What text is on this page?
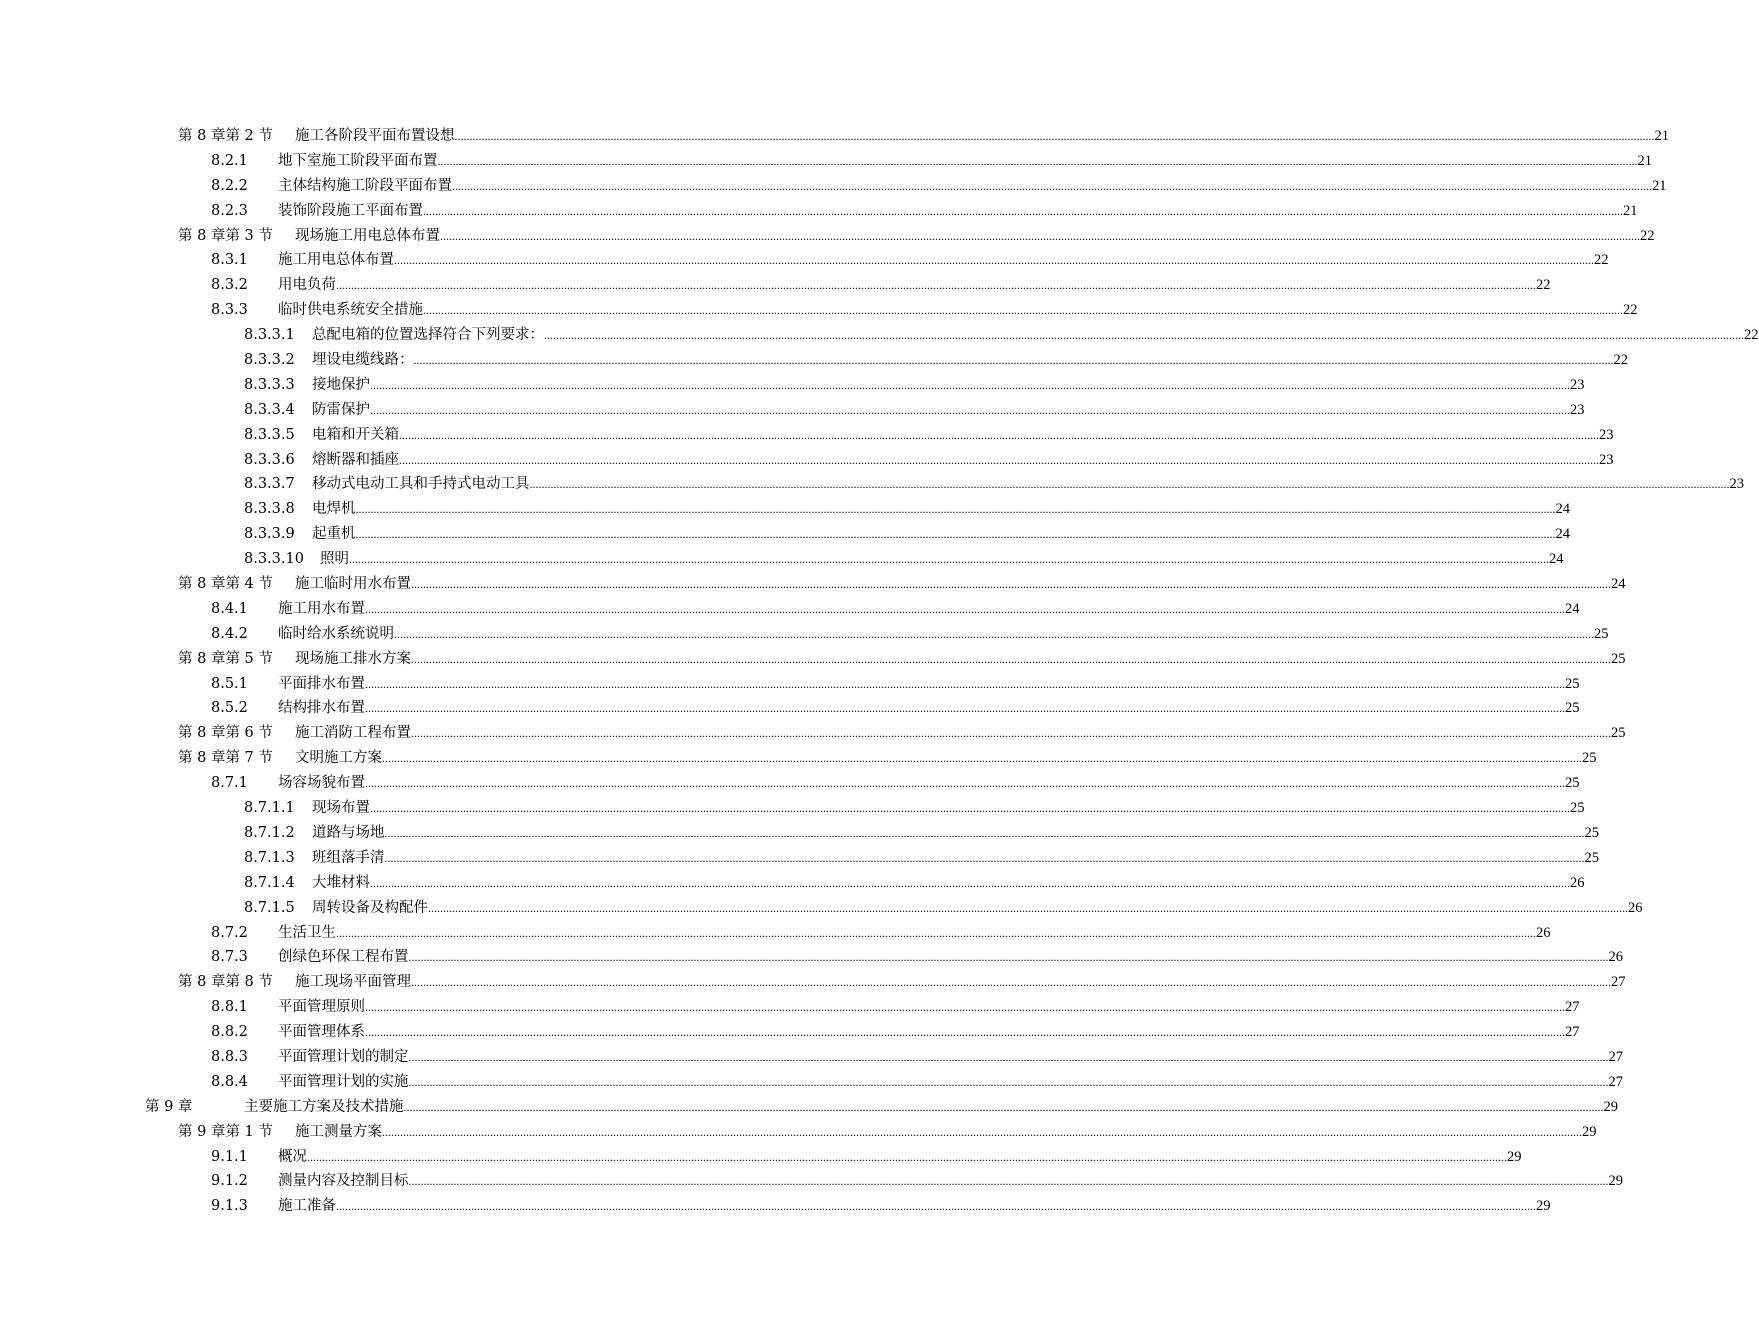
第 8 章第 2 节 施工各阶段平面布置设想 ................................................................................................................................................................................................................................................................................................................................................................................................................ 21
8.2.1 地下室施工阶段平面布置 ................................................................................................................................................................................................................................................................................................................................................................................................................ 21
8.2.2 主体结构施工阶段平面布置 ................................................................................................................................................................................................................................................................................................................................................................................................................ 21
8.2.3 装饰阶段施工平面布置 ................................................................................................................................................................................................................................................................................................................................................................................................................ 21
第 8 章第 3 节 现场施工用电总体布置 ................................................................................................................................................................................................................................................................................................................................................................................................................ 22
8.3.1 施工用电总体布置 ................................................................................................................................................................................................................................................................................................................................................................................................................ 22
8.3.2 用电负荷 ................................................................................................................................................................................................................................................................................................................................................................................................................ 22
8.3.3 临时供电系统安全措施 ................................................................................................................................................................................................................................................................................................................................................................................................................ 22
8.3.3.1 总配电箱的位置选择符合下列要求： ................................................................................................................................................................................................................................................................................................................................................................................................................ 22
8.3.3.2 埋设电缆线路： ................................................................................................................................................................................................................................................................................................................................................................................................................ 22
8.3.3.3 接地保护 ................................................................................................................................................................................................................................................................................................................................................................................................................ 23
8.3.3.4 防雷保护 ................................................................................................................................................................................................................................................................................................................................................................................................................ 23
8.3.3.5 电箱和开关箱 ................................................................................................................................................................................................................................................................................................................................................................................................................ 23
8.3.3.6 熔断器和插座 ................................................................................................................................................................................................................................................................................................................................................................................................................ 23
8.3.3.7 移动式电动工具和手持式电动工具 ................................................................................................................................................................................................................................................................................................................................................................................................................ 23
8.3.3.8 电焊机 ................................................................................................................................................................................................................................................................................................................................................................................................................ 24
8.3.3.9 起重机 ................................................................................................................................................................................................................................................................................................................................................................................................................ 24
8.3.3.10 照明 ................................................................................................................................................................................................................................................................................................................................................................................................................ 24
第 8 章第 4 节 施工临时用水布置 ................................................................................................................................................................................................................................................................................................................................................................................................................ 24
8.4.1 施工用水布置 ................................................................................................................................................................................................................................................................................................................................................................................................................ 24
8.4.2 临时给水系统说明 ................................................................................................................................................................................................................................................................................................................................................................................................................ 25
第 8 章第 5 节 现场施工排水方案 ................................................................................................................................................................................................................................................................................................................................................................................................................ 25
8.5.1 平面排水布置 ................................................................................................................................................................................................................................................................................................................................................................................................................ 25
8.5.2 结构排水布置 ................................................................................................................................................................................................................................................................................................................................................................................................................ 25
第 8 章第 6 节 施工消防工程布置 ................................................................................................................................................................................................................................................................................................................................................................................................................ 25
第 8 章第 7 节 文明施工方案 ................................................................................................................................................................................................................................................................................................................................................................................................................ 25
8.7.1 场容场貌布置 ................................................................................................................................................................................................................................................................................................................................................................................................................ 25
8.7.1.1 现场布置 ................................................................................................................................................................................................................................................................................................................................................................................................................ 25
8.7.1.2 道路与场地 ................................................................................................................................................................................................................................................................................................................................................................................................................ 25
8.7.1.3 班组落手清 ................................................................................................................................................................................................................................................................................................................................................................................................................ 25
8.7.1.4 大堆材料 ................................................................................................................................................................................................................................................................................................................................................................................................................ 26
8.7.1.5 周转设备及构配件 ................................................................................................................................................................................................................................................................................................................................................................................................................ 26
8.7.2 生活卫生 ................................................................................................................................................................................................................................................................................................................................................................................................................ 26
8.7.3 创绿色环保工程布置 ................................................................................................................................................................................................................................................................................................................................................................................................................ 26
第 8 章第 8 节 施工现场平面管理 ................................................................................................................................................................................................................................................................................................................................................................................................................ 27
8.8.1 平面管理原则 ................................................................................................................................................................................................................................................................................................................................................................................................................ 27
8.8.2 平面管理体系 ................................................................................................................................................................................................................................................................................................................................................................................................................ 27
8.8.3 平面管理计划的制定 ................................................................................................................................................................................................................................................................................................................................................................................................................ 27
8.8.4 平面管理计划的实施 ................................................................................................................................................................................................................................................................................................................................................................................................................ 27
第 9 章	主要施工方案及技术措施 ................................................................................................................................................................................................................................................................................................................................................................................................................ 29
第 9 章第 1 节 施工测量方案 ................................................................................................................................................................................................................................................................................................................................................................................................................ 29
9.1.1 概况 ................................................................................................................................................................................................................................................................................................................................................................................................................ 29
9.1.2 测量内容及控制目标 ................................................................................................................................................................................................................................................................................................................................................................................................................ 29
9.1.3 施工准备 ................................................................................................................................................................................................................................................................................................................................................................................................................ 29
